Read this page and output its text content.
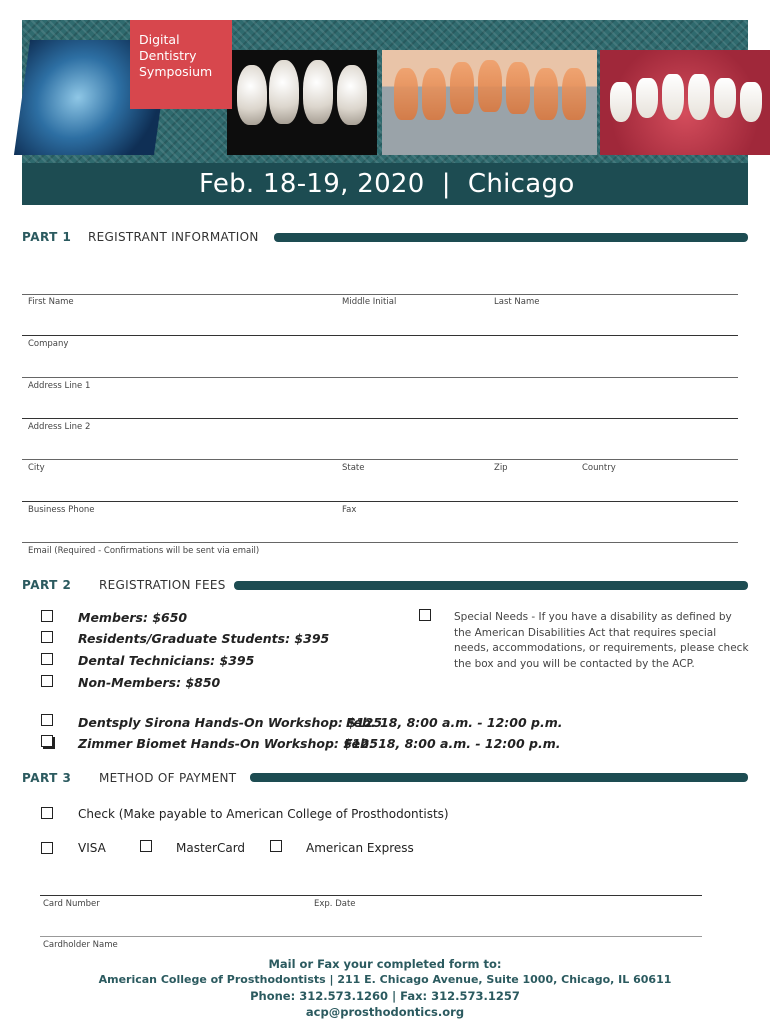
Digital
Dentistry
Symposium
Feb. 18-19, 2020  |  Chicago
PART 1 REGISTRANT INFORMATION
First Name	Middle Initial	Last Name
Company
Address Line 1
Address Line 2
City	State	Zip	Country
Business Phone	Fax
Email (Required - Confirmations will be sent via email)
PART 2 REGISTRATION FEES
Members: $650
Residents/Graduate Students: $395
Dental Technicians: $395
Non-Members: $850
Special Needs - If you have a disability as defined by the American Disabilities Act that requires special needs, accommodations, or requirements, please check the box and you will be contacted by the ACP.
Dentsply Sirona Hands-On Workshop: $125
Feb. 18, 8:00 a.m. - 12:00 p.m.
Zimmer Biomet Hands-On Workshop: $125
Feb. 18, 8:00 a.m. - 12:00 p.m.
PART 3 METHOD OF PAYMENT
Check (Make payable to American College of Prosthodontists)
VISA	MasterCard	American Express
Card Number	Exp. Date
Cardholder Name
Mail or Fax your completed form to:
American College of Prosthodontists | 211 E. Chicago Avenue, Suite 1000, Chicago, IL 60611
Phone: 312.573.1260 | Fax: 312.573.1257
acp@prosthodontics.org
